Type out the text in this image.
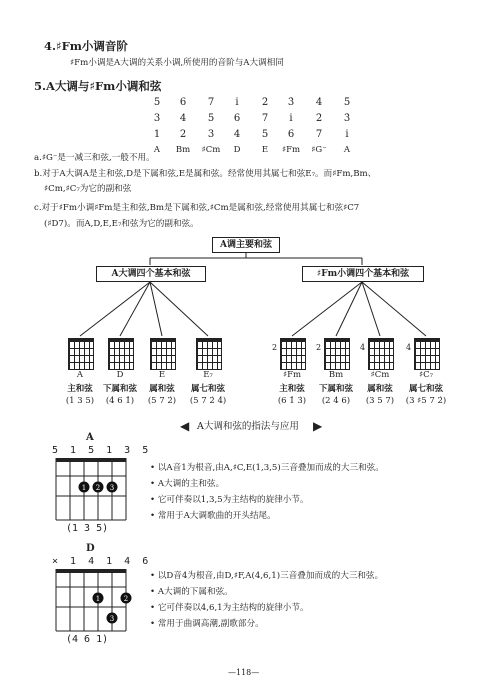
4.♯Fm小调音阶
♯Fm小调是A大调的关系小调,所使用的音阶与A大调相同
5.A大调与♯Fm小调和弦
5	6	7	i̇	2̇	3̇	4̇	5̇
3	4	5	6	7	i̇	2̇	3̇
1	2	3	4	5	6	7	i̇
A	Bm	♯Cm	D	E	♯Fm	♯G⁻	A
a.♯G⁻是一减三和弦,一般不用。
b.对于A大调A是主和弦,D是下属和弦,E是属和弦。经常使用其属七和弦E₇。而♯Fm,Bm、
♯Cm,♯C₇为它的副和弦
c.对于♯Fm小调♯Fm是主和弦,Bm是下属和弦,♯Cm是属和弦,经常使用其属七和弦♯C7
(♯D7)。而A,D,E,E₇和弦为它的副和弦。
A调主要和弦
A大调四个基本和弦	♯Fm小调四个基本和弦
A
主和弦
(1 3 5)
D
下属和弦
(4 6 1̇)
E
属和弦
(5 7 2̇)
E₇
属七和弦
(5 7 2̇ 4̇)
2
♯Fm
主和弦
(6 1̇ 3̇)
2
Bm
下属和弦
(2 4 6)
4
♯Cm
属和弦
(3 5 7)
4
♯C₇
属七和弦
(3 ♯5 7 2̇)
◀ A大调和弦的指法与应用 ▶
A
5 1 5 1 3 5
1 2 3
(1 3 5)
• 以A音1为根音,由A,♯C,E(1,3,5)三音叠加而成的大三和弦。
• A大调的主和弦。
• 它可伴奏以1,3,5为主结构的旋律小节。
• 常用于A大调歌曲的开头结尾。
D
× 1 4 1 4 6
1	2
3
(4 6 1)
• 以D音4为根音,由D,♯F,A(4,6,1)三音叠加而成的大三和弦。
• A大调的下属和弦。
• 它可伴奏以4,6,1为主结构的旋律小节。
• 常用于曲调高潮,副歌部分。
—118—
